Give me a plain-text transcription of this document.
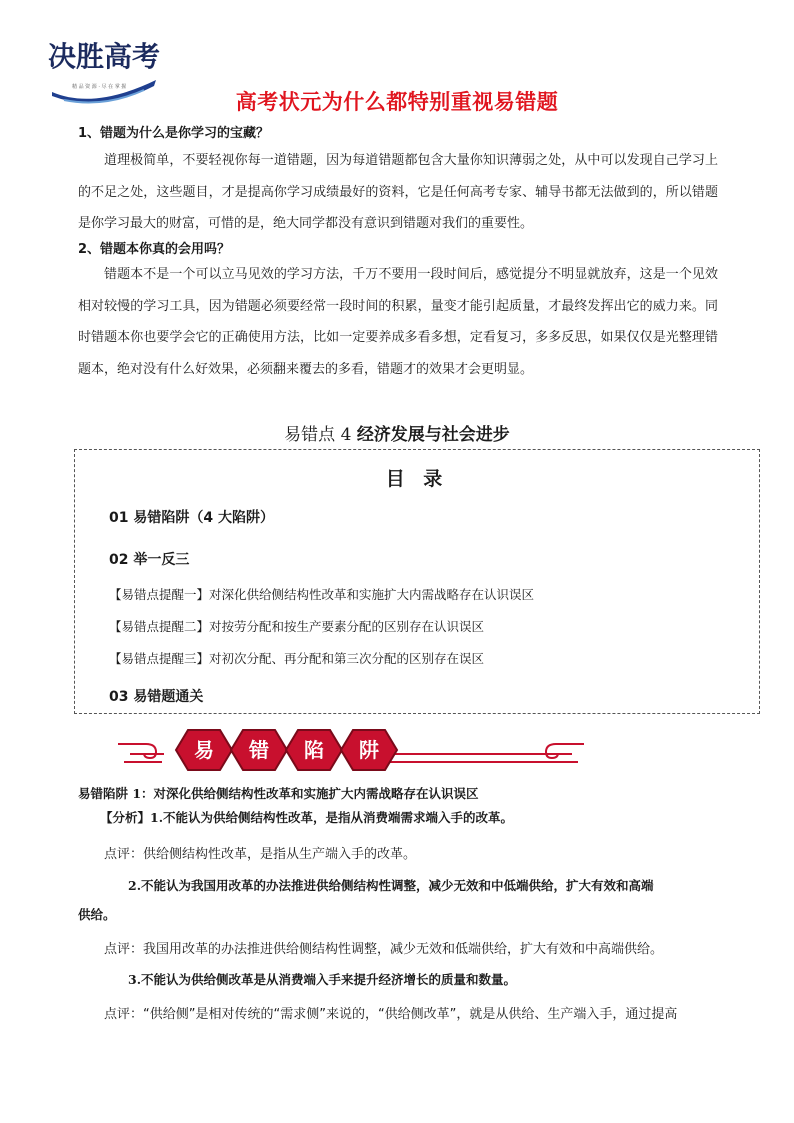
决胜高考
精 品 资 源 · 尽 在 掌 握
高考状元为什么都特别重视易错题
1、错题为什么是你学习的宝藏？
道理极简单，不要轻视你每一道错题，因为每道错题都包含大量你知识薄弱之处，从中可以发现自己学习上的不足之处，这些题目，才是提高你学习成绩最好的资料，它是任何高考专家、辅导书都无法做到的，所以错题是你学习最大的财富，可惜的是，绝大同学都没有意识到错题对我们的重要性。
2、错题本你真的会用吗？
错题本不是一个可以立马见效的学习方法，千万不要用一段时间后，感觉提分不明显就放弃，这是一个见效相对较慢的学习工具，因为错题必须要经常一段时间的积累，量变才能引起质量，才最终发挥出它的威力来。同时错题本你也要学会它的正确使用方法，比如一定要养成多看多想，定看复习，多多反思，如果仅仅是光整理错题本，绝对没有什么好效果，必须翻来覆去的多看，错题才的效果才会更明显。
易错点 4 经济发展与社会进步
目 录
01 易错陷阱（4 大陷阱）
02 举一反三
【易错点提醒一】对深化供给侧结构性改革和实施扩大内需战略存在认识误区
【易错点提醒二】对按劳分配和按生产要素分配的区别存在认识误区
【易错点提醒三】对初次分配、再分配和第三次分配的区别存在误区
03 易错题通关
易 错 陷 阱
易错陷阱 1：对深化供给侧结构性改革和实施扩大内需战略存在认识误区
【分析】1.不能认为供给侧结构性改革，是指从消费端需求端入手的改革。
点评：供给侧结构性改革，是指从生产端入手的改革。
2.不能认为我国用改革的办法推进供给侧结构性调整，减少无效和中低端供给，扩大有效和高端
供给。
点评：我国用改革的办法推进供给侧结构性调整，减少无效和低端供给，扩大有效和中高端供给。
3.不能认为供给侧改革是从消费端入手来提升经济增长的质量和数量。
点评：“供给侧”是相对传统的“需求侧”来说的，“供给侧改革”，就是从供给、生产端入手，通过提高
